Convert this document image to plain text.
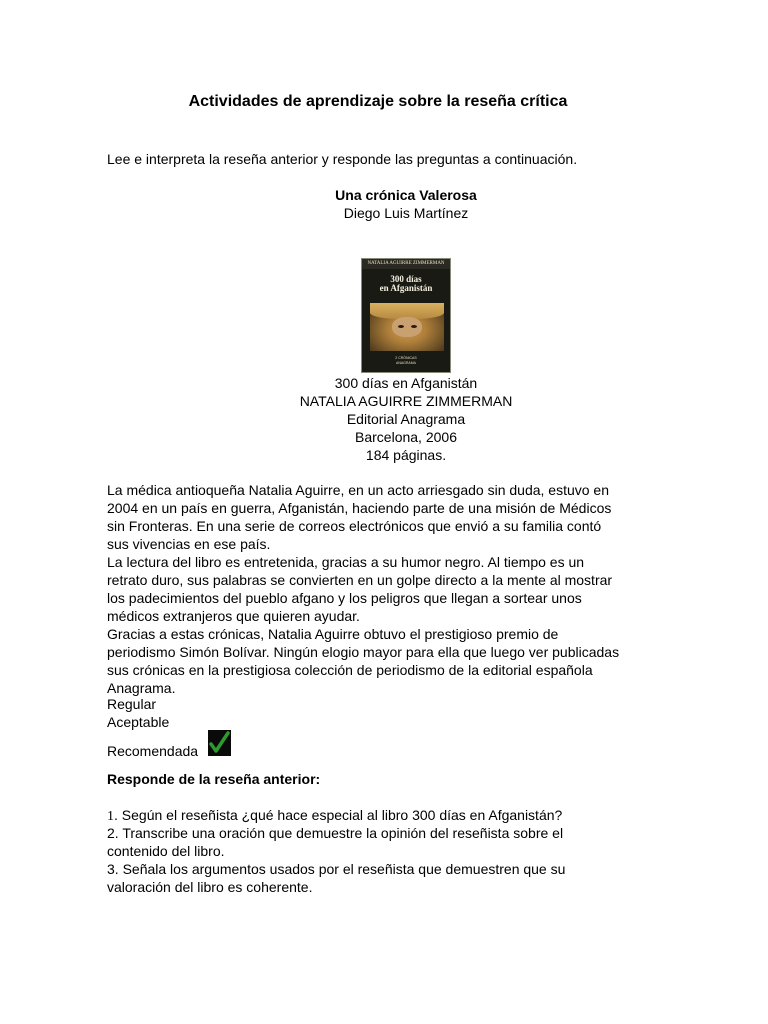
Actividades de aprendizaje sobre la reseña crítica
Lee e interpreta la reseña anterior y responde las preguntas a continuación.
Una crónica Valerosa
Diego Luis Martínez
NATALIA AGUIRRE ZIMMERMAN
300 días
en Afganistán
2 CRÓNICAS
ANAGRAMA
300 días en Afganistán
NATALIA AGUIRRE ZIMMERMAN
Editorial Anagrama
Barcelona, 2006
184 páginas.
La médica antioqueña Natalia Aguirre, en un acto arriesgado sin duda, estuvo en
2004 en un país en guerra, Afganistán, haciendo parte de una misión de Médicos
sin Fronteras. En una serie de correos electrónicos que envió a su familia contó
sus vivencias en ese país.
La lectura del libro es entretenida, gracias a su humor negro. Al tiempo es un
retrato duro, sus palabras se convierten en un golpe directo a la mente al mostrar
los padecimientos del pueblo afgano y los peligros que llegan a sortear unos
médicos extranjeros que quieren ayudar.
Gracias a estas crónicas, Natalia Aguirre obtuvo el prestigioso premio de
periodismo Simón Bolívar. Ningún elogio mayor para ella que luego ver publicadas
sus crónicas en la prestigiosa colección de periodismo de la editorial española
Anagrama.
Regular
Aceptable
Recomendada
Responde de la reseña anterior:
1. Según el reseñista ¿qué hace especial al libro 300 días en Afganistán?
2. Transcribe una oración que demuestre la opinión del reseñista sobre el
contenido del libro.
3. Señala los argumentos usados por el reseñista que demuestren que su
valoración del libro es coherente.
